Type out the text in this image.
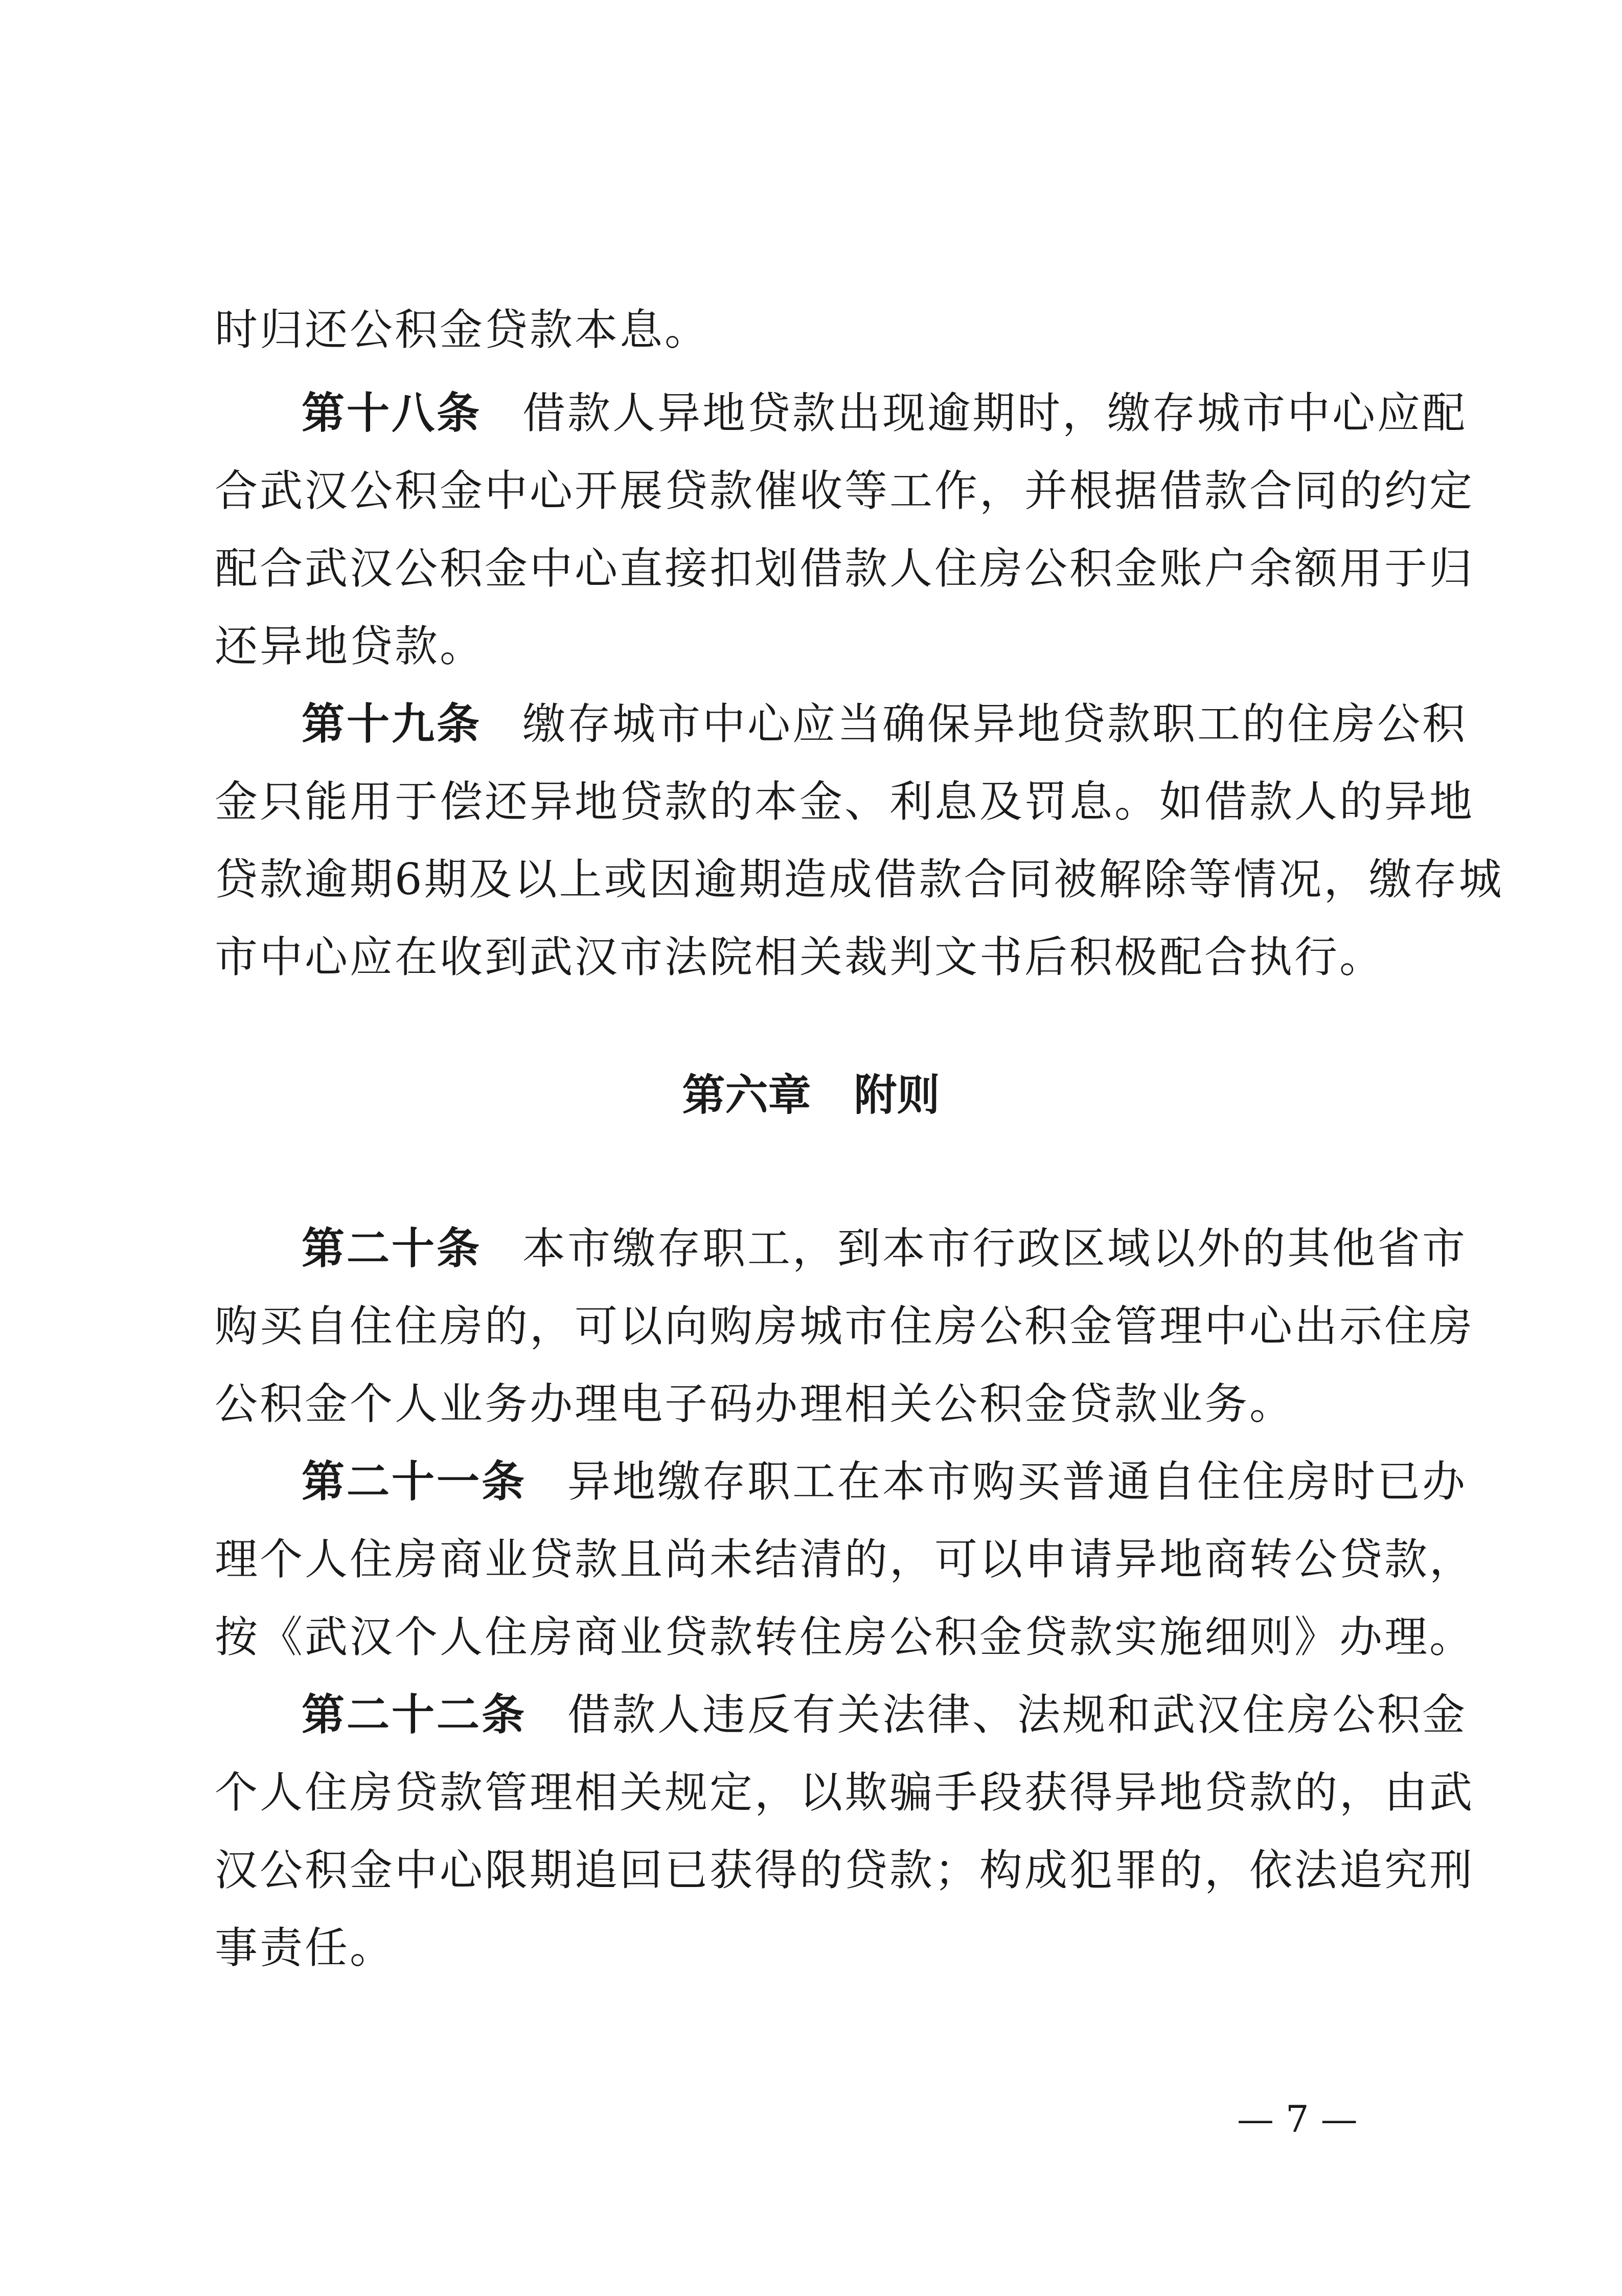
时归还公积金贷款本息。
第十八条 借款人异地贷款出现逾期时，缴存城市中心应配
合武汉公积金中心开展贷款催收等工作，并根据借款合同的约定
配合武汉公积金中心直接扣划借款人住房公积金账户余额用于归
还异地贷款。
第十九条 缴存城市中心应当确保异地贷款职工的住房公积
金只能用于偿还异地贷款的本金、利息及罚息。如借款人的异地
贷款逾期6期及以上或因逾期造成借款合同被解除等情况，缴存城
市中心应在收到武汉市法院相关裁判文书后积极配合执行。
第六章　附则
第二十条 本市缴存职工，到本市行政区域以外的其他省市
购买自住住房的，可以向购房城市住房公积金管理中心出示住房
公积金个人业务办理电子码办理相关公积金贷款业务。
第二十一条 异地缴存职工在本市购买普通自住住房时已办
理个人住房商业贷款且尚未结清的，可以申请异地商转公贷款，
按《武汉个人住房商业贷款转住房公积金贷款实施细则》办理。
第二十二条 借款人违反有关法律、法规和武汉住房公积金
个人住房贷款管理相关规定，以欺骗手段获得异地贷款的，由武
汉公积金中心限期追回已获得的贷款；构成犯罪的，依法追究刑
事责任。
— 7 —
